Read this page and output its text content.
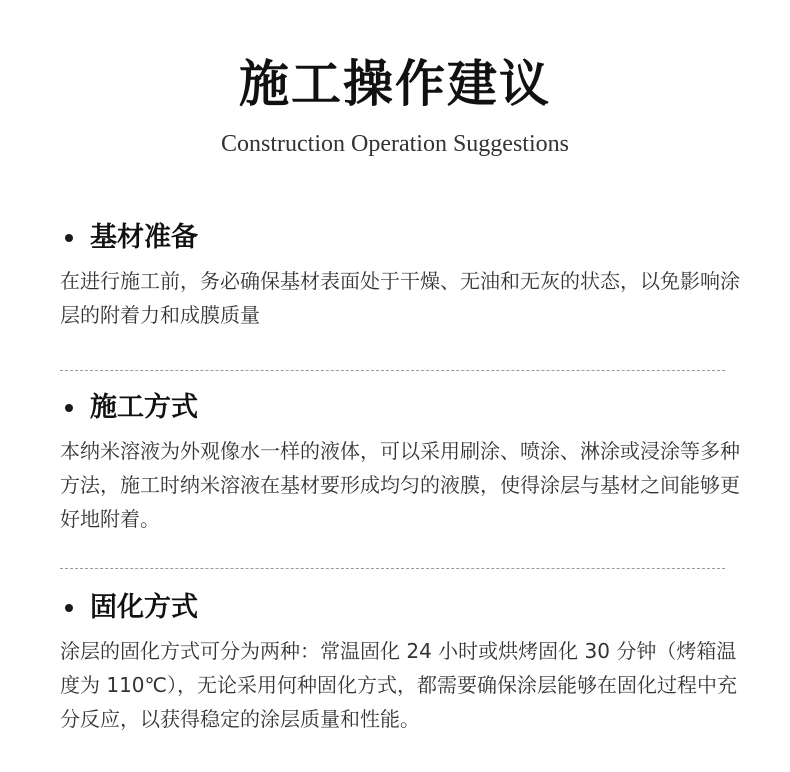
施工操作建议
Construction Operation Suggestions
基材准备
在进行施工前，务必确保基材表面处于干燥、无油和无灰的状态，以免影响涂层的附着力和成膜质量
施工方式
本纳米溶液为外观像水一样的液体，可以采用刷涂、喷涂、淋涂或浸涂等多种方法，施工时纳米溶液在基材要形成均匀的液膜，使得涂层与基材之间能够更好地附着。
固化方式
涂层的固化方式可分为两种：常温固化 24 小时或烘烤固化 30 分钟（烤箱温度为 110℃），无论采用何种固化方式，都需要确保涂层能够在固化过程中充分反应，以获得稳定的涂层质量和性能。
